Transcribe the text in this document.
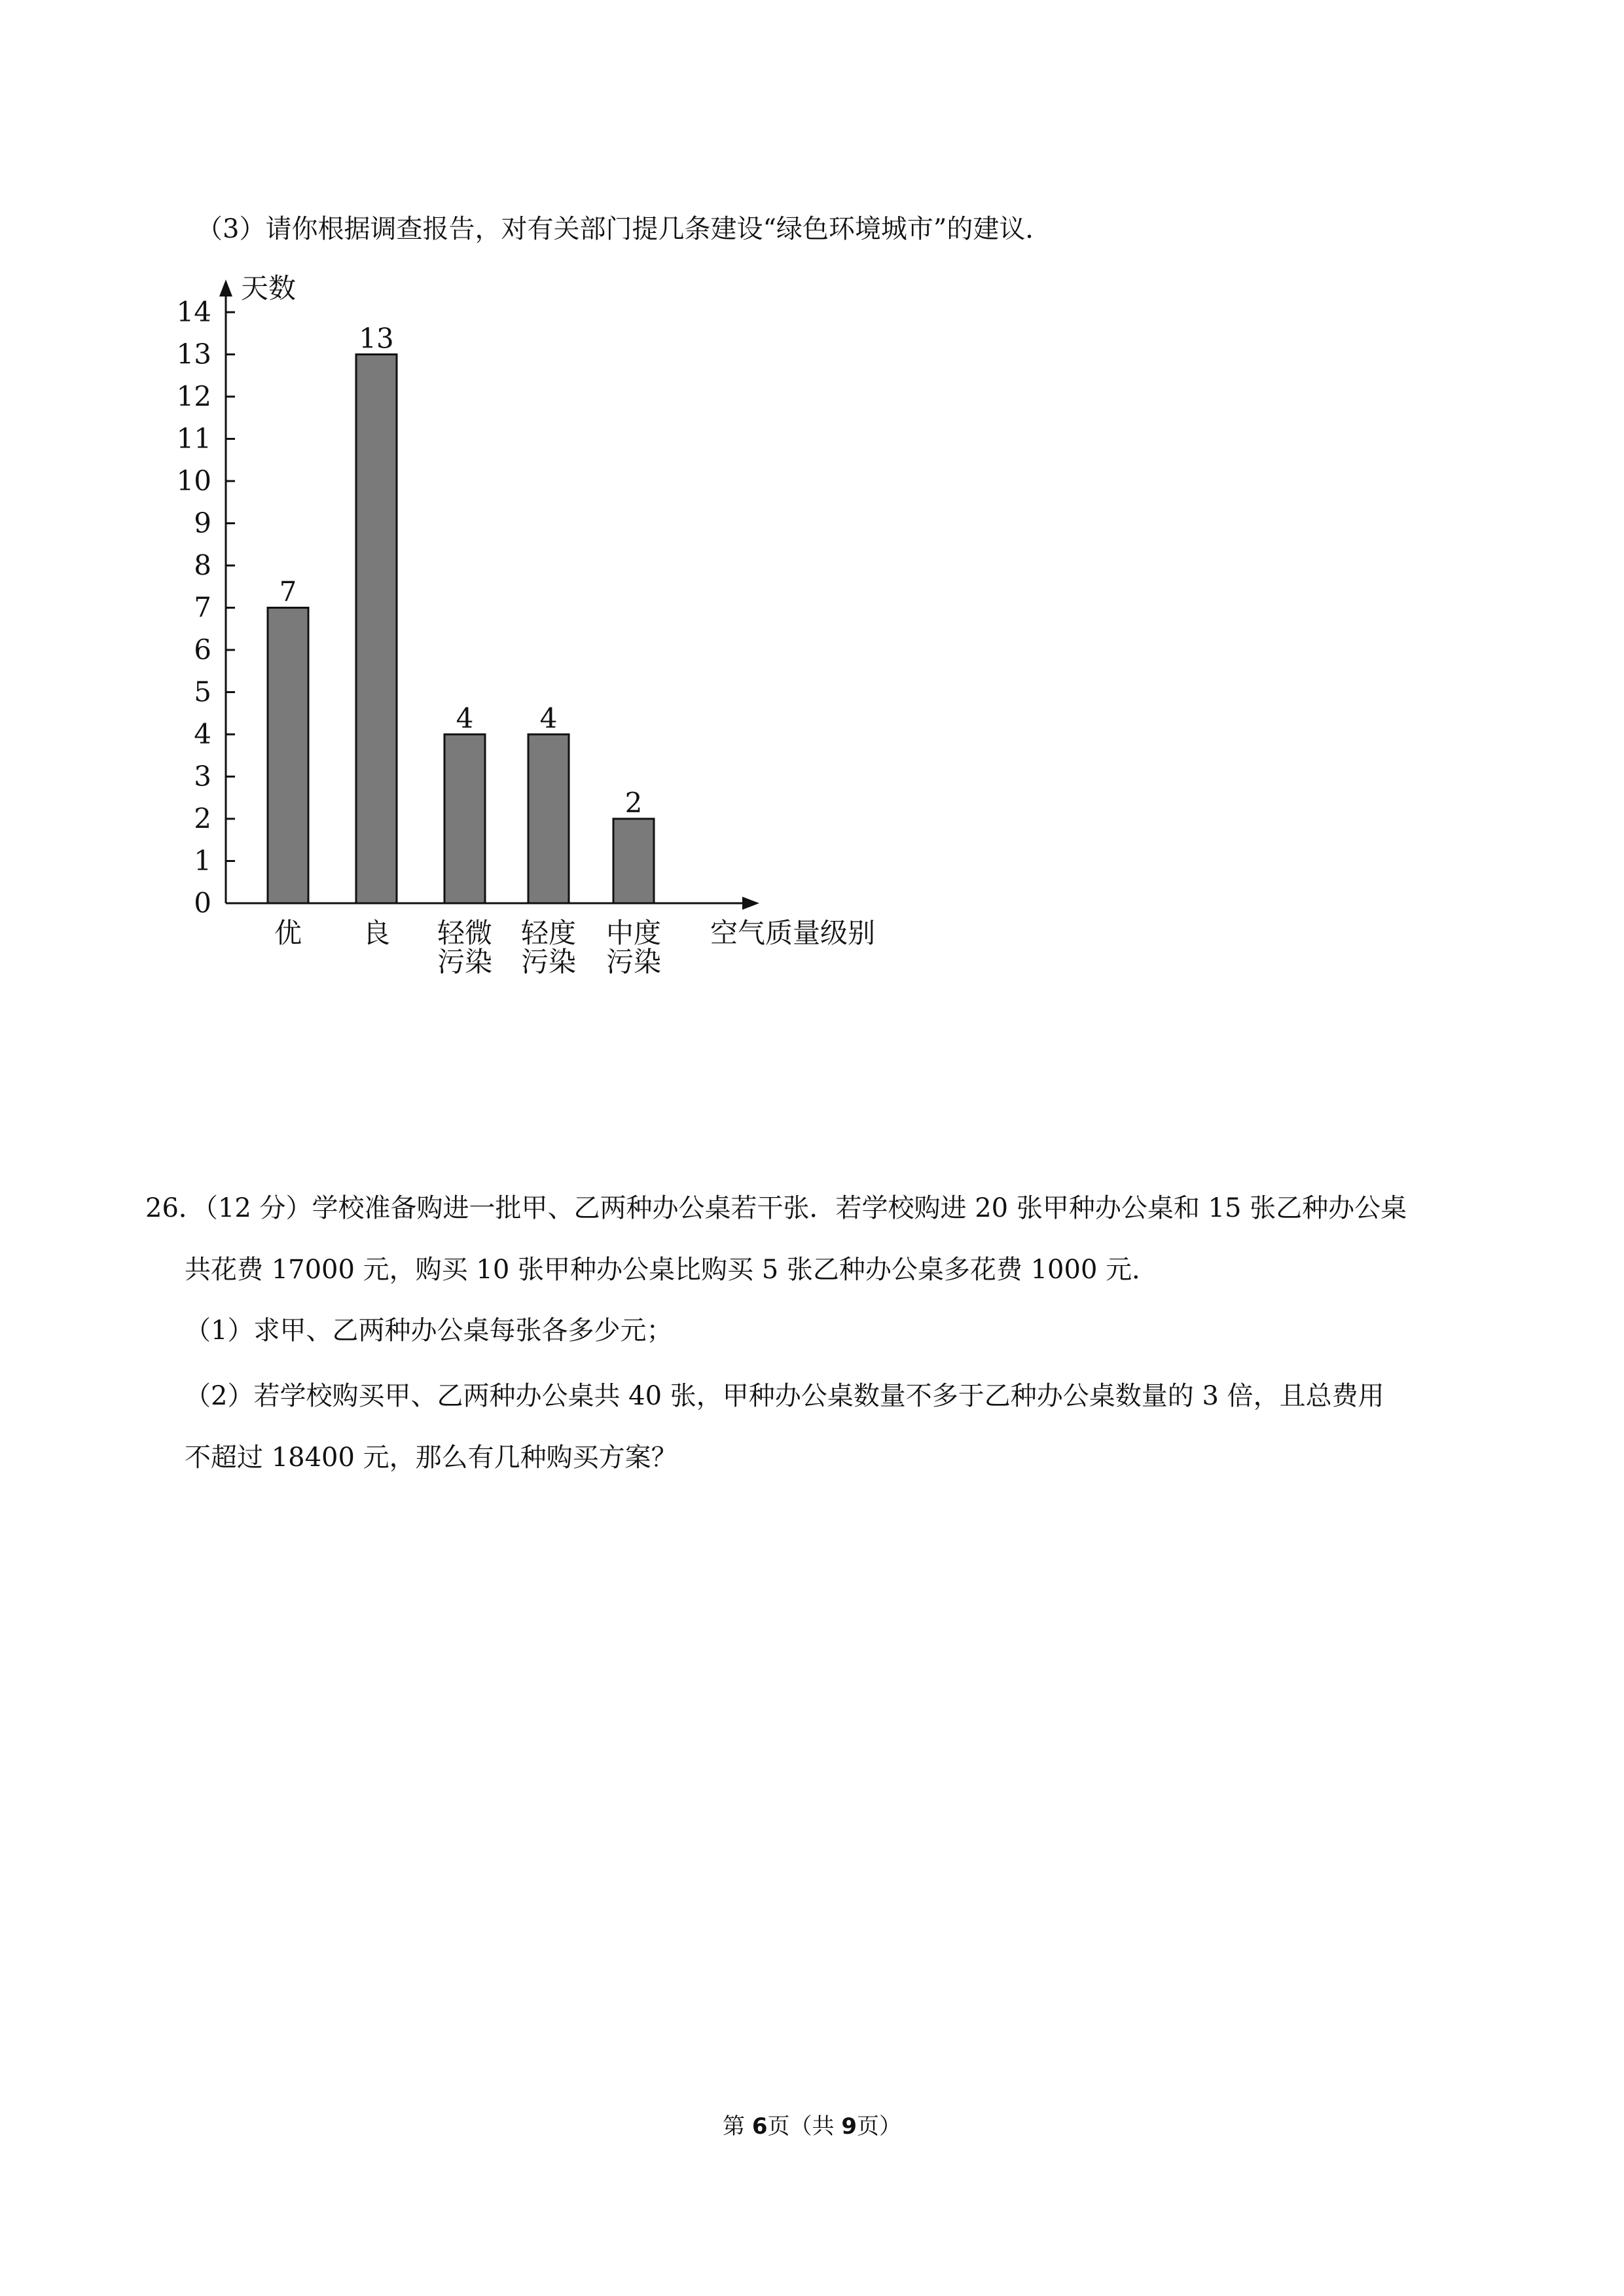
（3）请你根据调查报告，对有关部门提几条建设“绿色环境城市”的建议．
0
1
2
3
4
5
6
7
8
9
10
11
12
13
14
7
13
4 4
2
优 良 轻微
污染
轻度
污染
中度
污染
天数
空气质量级别
26．（12 分）学校准备购进一批甲、乙两种办公桌若干张．若学校购进 20 张甲种办公桌和 15 张乙种办公桌
共花费 17000 元，购买 10 张甲种办公桌比购买 5 张乙种办公桌多花费 1000 元．
（1）求甲、乙两种办公桌每张各多少元；
（2）若学校购买甲、乙两种办公桌共 40 张，甲种办公桌数量不多于乙种办公桌数量的 3 倍，且总费用
不超过 18400 元，那么有几种购买方案？
第 6页（共 9页）
